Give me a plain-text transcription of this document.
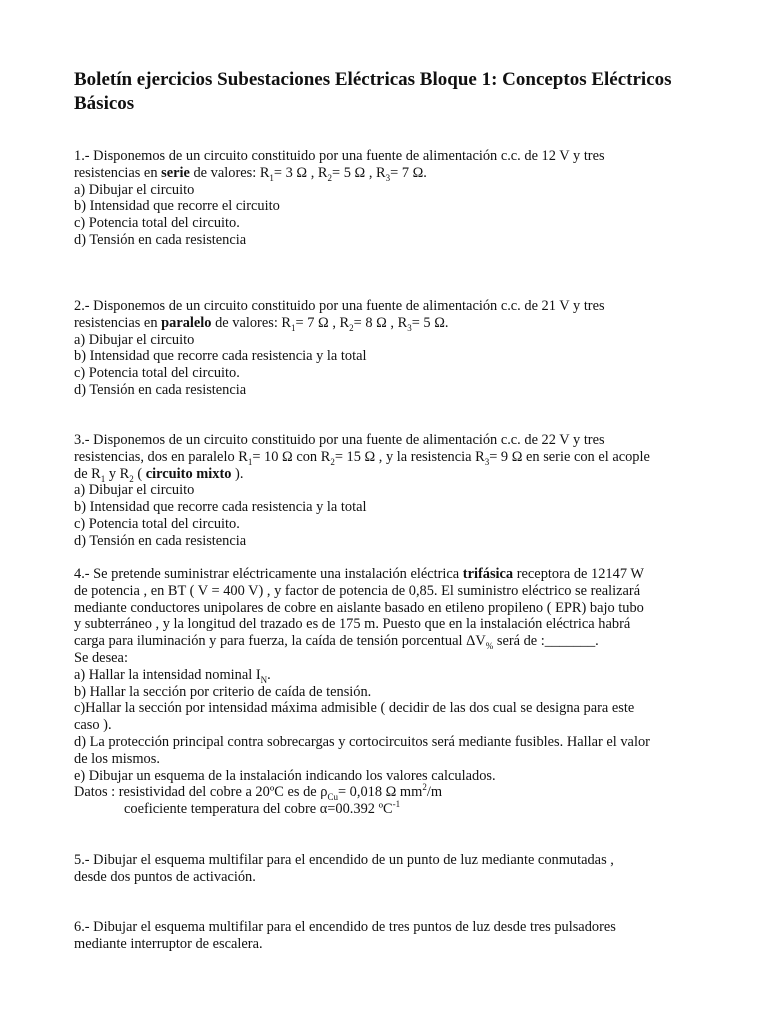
Boletín ejercicios Subestaciones Eléctricas Bloque 1: Conceptos Eléctricos Básicos
1.- Disponemos de un circuito constituido por una fuente de alimentación c.c. de 12 V y tres
resistencias en serie de valores: $R_1= 3$ Ω , $R_2= 5$ Ω , $R_3= 7$ Ω.
a) Dibujar el circuito
b) Intensidad que recorre el circuito
c) Potencia total del circuito.
d) Tensión en cada resistencia
2.- Disponemos de un circuito constituido por una fuente de alimentación c.c. de 21 V y tres
resistencias en paralelo de valores: $R_1= 7$ Ω , $R_2= 8$ Ω , $R_3= 5$ Ω.
a) Dibujar el circuito
b) Intensidad que recorre cada resistencia y la total
c) Potencia total del circuito.
d) Tensión en cada resistencia
3.- Disponemos de un circuito constituido por una fuente de alimentación c.c. de 22 V y tres
resistencias, dos en paralelo $R_1= 10$ Ω con $R_2= 15$ Ω , y la resistencia $R_3= 9$ Ω en serie con el acople
de $R_1$ y $R_2$ ( circuito mixto ).
a) Dibujar el circuito
b) Intensidad que recorre cada resistencia y la total
c) Potencia total del circuito.
d) Tensión en cada resistencia
4.- Se pretende suministrar eléctricamente una instalación eléctrica trifásica receptora de 12147 W
de potencia , en BT ( V = 400 V) , y factor de potencia de 0,85. El suministro eléctrico se realizará
mediante conductores unipolares de cobre en aislante basado en etileno propileno ( EPR) bajo tubo
y subterráneo , y la longitud del trazado es de 175 m. Puesto que en la instalación eléctrica habrá
carga para iluminación y para fuerza, la caída de tensión porcentual $\Delta V_{\%}$ será de :_______.
Se desea:
a) Hallar la intensidad nominal $I_N$.
b) Hallar la sección por criterio de caída de tensión.
c)Hallar la sección por intensidad máxima admisible ( decidir de las dos cual se designa para este
caso ).
d) La protección principal contra sobrecargas y cortocircuitos será mediante fusibles. Hallar el valor
de los mismos.
e) Dibujar un esquema de la instalación indicando los valores calculados.
Datos : resistividad del cobre a 20ºC es de $\rho_{Cu}= 0,018$ Ω $mm^2/m$
coeficiente temperatura del cobre α=00.392 ºC$^{-1}$
5.- Dibujar el esquema multifilar para el encendido de un punto de luz mediante conmutadas ,
desde dos puntos de activación.
6.- Dibujar el esquema multifilar para el encendido de tres puntos de luz desde tres pulsadores
mediante interruptor de escalera.
